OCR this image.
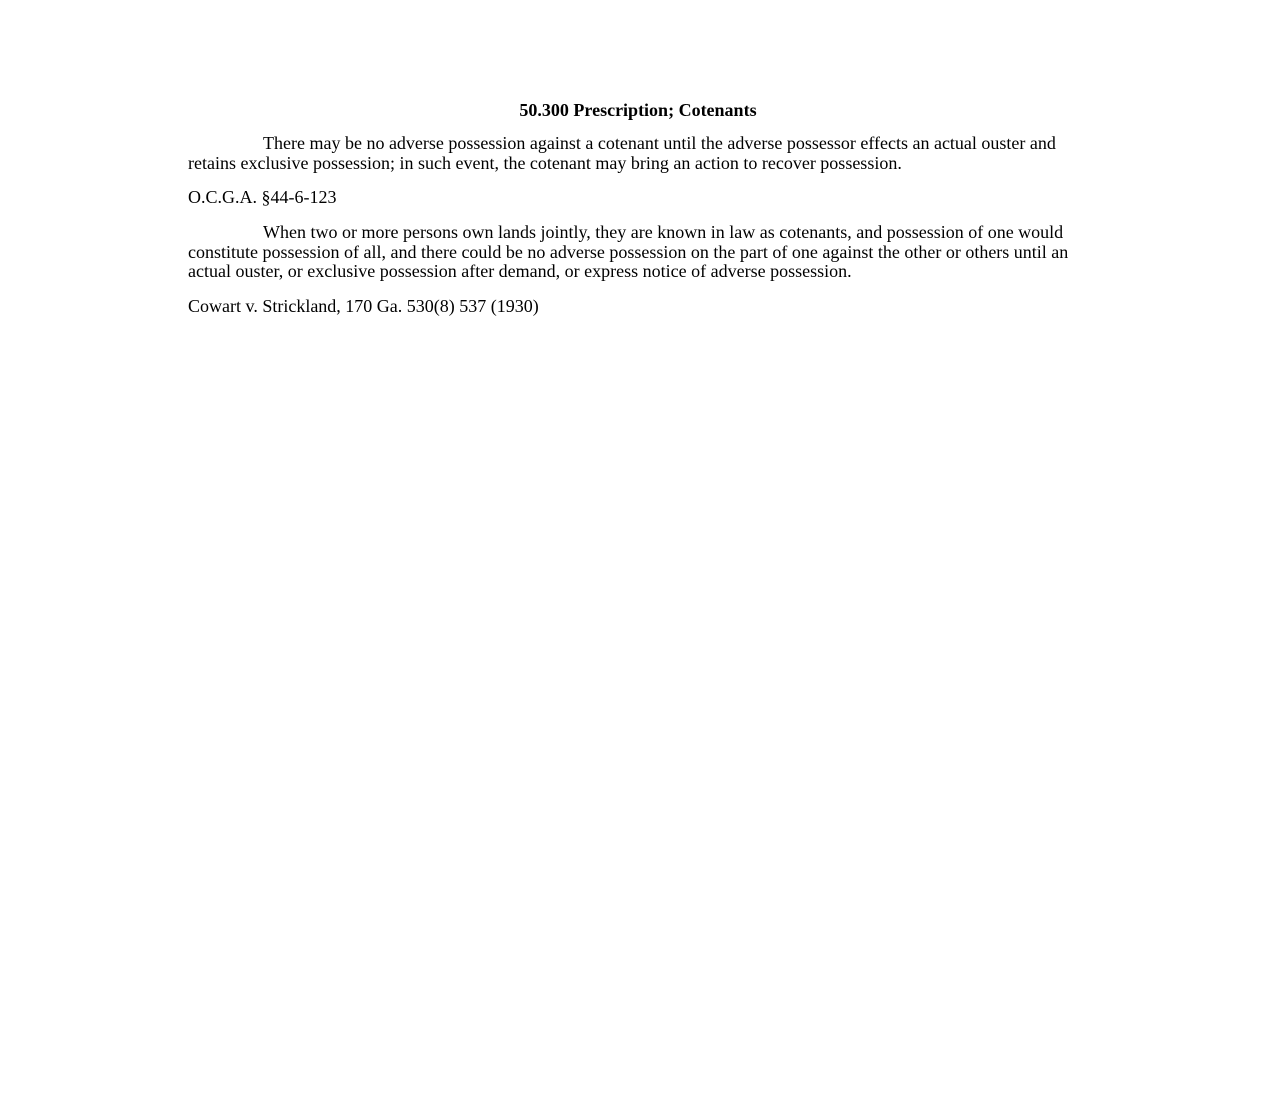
50.300 Prescription; Cotenants

There may be no adverse possession against a cotenant until the adverse possessor effects an actual ouster and retains exclusive possession; in such event, the cotenant may bring an action to recover possession.

O.C.G.A. §44-6-123

When two or more persons own lands jointly, they are known in law as cotenants, and possession of one would constitute possession of all, and there could be no adverse possession on the part of one against the other or others until an actual ouster, or exclusive possession after demand, or express notice of adverse possession.

Cowart v. Strickland, 170 Ga. 530(8) 537 (1930)
